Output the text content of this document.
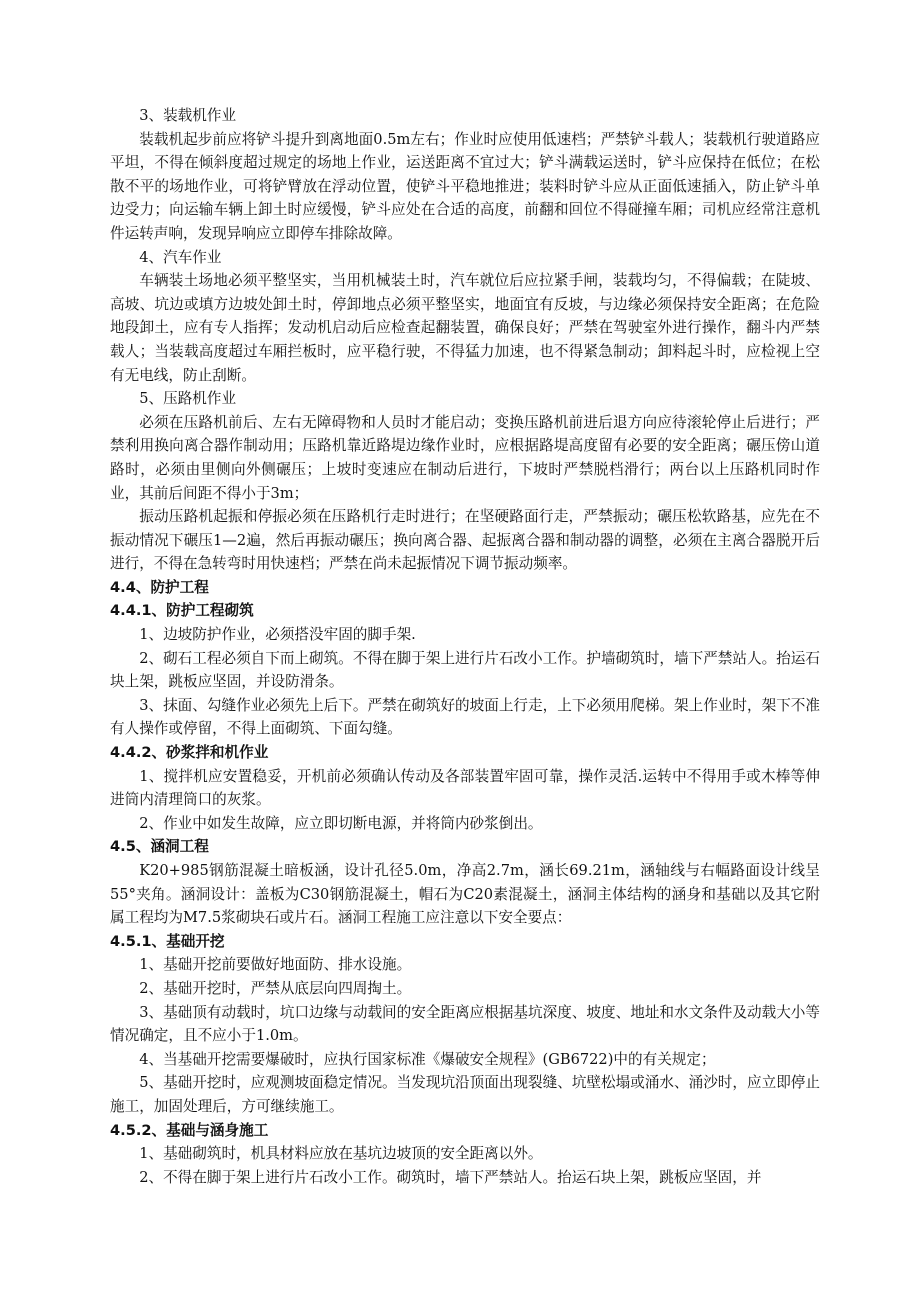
3、装载机作业

装载机起步前应将铲斗提升到离地面0.5m左右；作业时应使用低速档；严禁铲斗载人；装载机行驶道路应平坦，不得在倾斜度超过规定的场地上作业，运送距离不宜过大；铲斗满载运送时，铲斗应保持在低位；在松散不平的场地作业，可将铲臂放在浮动位置，使铲斗平稳地推进；装料时铲斗应从正面低速插入，防止铲斗单边受力；向运输车辆上卸土时应缓慢，铲斗应处在合适的高度，前翻和回位不得碰撞车厢；司机应经常注意机件运转声响，发现异响应立即停车排除故障。

4、汽车作业

车辆装土场地必须平整坚实，当用机械装土时，汽车就位后应拉紧手闸，装载均匀，不得偏载；在陡坡、高坡、坑边或填方边坡处卸土时，停卸地点必须平整坚实，地面宜有反坡，与边缘必须保持安全距离；在危险地段卸土，应有专人指挥；发动机启动后应检查起翻装置，确保良好；严禁在驾驶室外进行操作，翻斗内严禁载人；当装载高度超过车厢拦板时，应平稳行驶，不得猛力加速，也不得紧急制动；卸料起斗时，应检视上空有无电线，防止刮断。

5、压路机作业

必须在压路机前后、左右无障碍物和人员时才能启动；变换压路机前进后退方向应待滚轮停止后进行；严禁利用换向离合器作制动用；压路机靠近路堤边缘作业时，应根据路堤高度留有必要的安全距离；碾压傍山道路时，必须由里侧向外侧碾压；上坡时变速应在制动后进行，下坡时严禁脱档滑行；两台以上压路机同时作业，其前后间距不得小于3m；

振动压路机起振和停振必须在压路机行走时进行；在坚硬路面行走，严禁振动；碾压松软路基，应先在不振动情况下碾压1—2遍，然后再振动碾压；换向离合器、起振离合器和制动器的调整，必须在主离合器脱开后进行，不得在急转弯时用快速档；严禁在尚未起振情况下调节振动频率。

4.4、防护工程

4.4.1、防护工程砌筑

1、边坡防护作业，必须搭没牢固的脚手架.

2、砌石工程必须自下而上砌筑。不得在脚于架上进行片石改小工作。护墙砌筑时，墙下严禁站人。抬运石块上架，跳板应坚固，并设防滑条。

3、抹面、勾缝作业必须先上后下。严禁在砌筑好的坡面上行走，上下必须用爬梯。架上作业时，架下不准有人操作或停留，不得上面砌筑、下面勾缝。

4.4.2、砂浆拌和机作业

1、搅拌机应安置稳妥，开机前必须确认传动及各部装置牢固可靠，操作灵活.运转中不得用手或木棒等伸进筒内清理筒口的灰浆。

2、作业中如发生故障，应立即切断电源，并将筒内砂浆倒出。

4.5、涵洞工程

K20+985钢筋混凝土暗板涵，设计孔径5.0m，净高2.7m，涵长69.21m，涵轴线与右幅路面设计线呈55°夹角。涵洞设计：盖板为C30钢筋混凝土，帽石为C20素混凝土，涵洞主体结构的涵身和基础以及其它附属工程均为M7.5浆砌块石或片石。涵洞工程施工应注意以下安全要点：

4.5.1、基础开挖

1、基础开挖前要做好地面防、排水设施。

2、基础开挖时，严禁从底层向四周掏土。

3、基础顶有动载时，坑口边缘与动载间的安全距离应根据基坑深度、坡度、地址和水文条件及动载大小等情况确定，且不应小于1.0m。

4、当基础开挖需要爆破时，应执行国家标准《爆破安全规程》(GB6722)中的有关规定；

5、基础开挖时，应观测坡面稳定情况。当发现坑沿顶面出现裂缝、坑壁松塌或涌水、涌沙时，应立即停止施工，加固处理后，方可继续施工。

4.5.2、基础与涵身施工

1、基础砌筑时，机具材料应放在基坑边坡顶的安全距离以外。

2、不得在脚于架上进行片石改小工作。砌筑时，墙下严禁站人。抬运石块上架，跳板应坚固，并
